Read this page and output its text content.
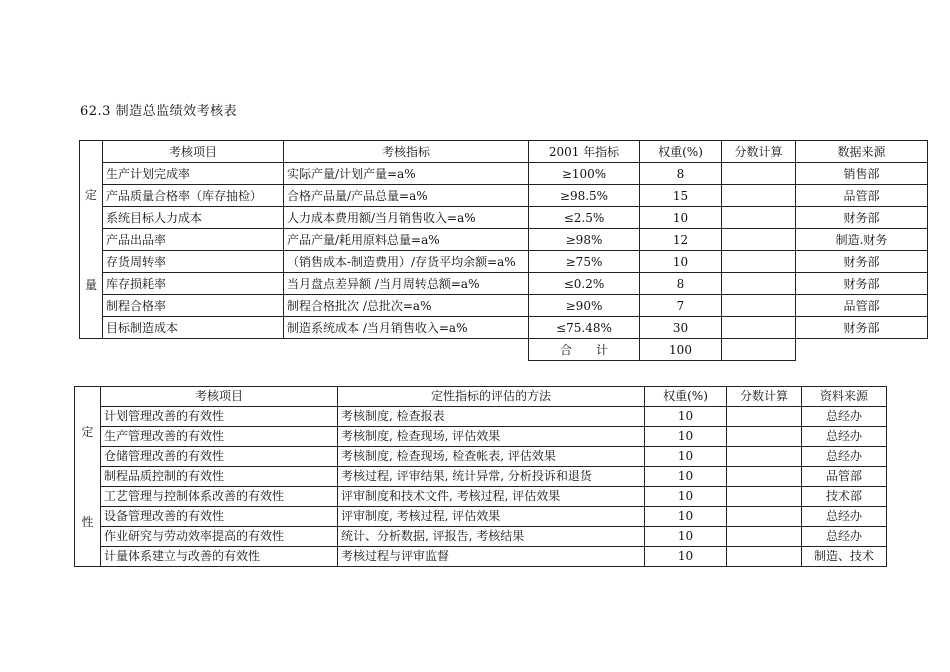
62.3 制造总监绩效考核表
定
量	考核项目	考核指标	2001 年指标	权重(%)	分数计算	数据来源
	生产计划完成率	实际产量/计划产量=a%	≥100%	8		销售部
	产品质量合格率（库存抽检）	合格产品量/产品总量=a%	≥98.5%	15		品管部
	系统目标人力成本	人力成本费用额/当月销售收入=a%	≤2.5%	10		财务部
	产品出品率	产品产量/耗用原料总量=a%	≥98%	12		制造.财务
	存货周转率	（销售成本-制造费用）/存货平均余额=a%	≥75%	10		财务部
	库存损耗率	当月盘点差异额 /当月周转总额=a%	≤0.2%	8		财务部
	制程合格率	制程合格批次 /总批次=a%	≥90%	7		品管部
	目标制造成本	制造系统成本 /当月销售收入=a%	≤75.48%	30		财务部
			合　　计	100		
定
性	考核项目	定性指标的评估的方法	权重(%)	分数计算	资料来源
	计划管理改善的有效性	考核制度, 检查报表	10		总经办
	生产管理改善的有效性	考核制度, 检查现场, 评估效果	10		总经办
	仓储管理改善的有效性	考核制度, 检查现场, 检查帐表, 评估效果	10		总经办
	制程品质控制的有效性	考核过程, 评审结果, 统计异常, 分析投诉和退货	10		品管部
	工艺管理与控制体系改善的有效性	评审制度和技术文件, 考核过程, 评估效果	10		技术部
	设备管理改善的有效性	评审制度, 考核过程, 评估效果	10		总经办
	作业研究与劳动效率提高的有效性	统计、分析数据, 评报告, 考核结果	10		总经办
	计量体系建立与改善的有效性	考核过程与评审监督	10		制造、技术
